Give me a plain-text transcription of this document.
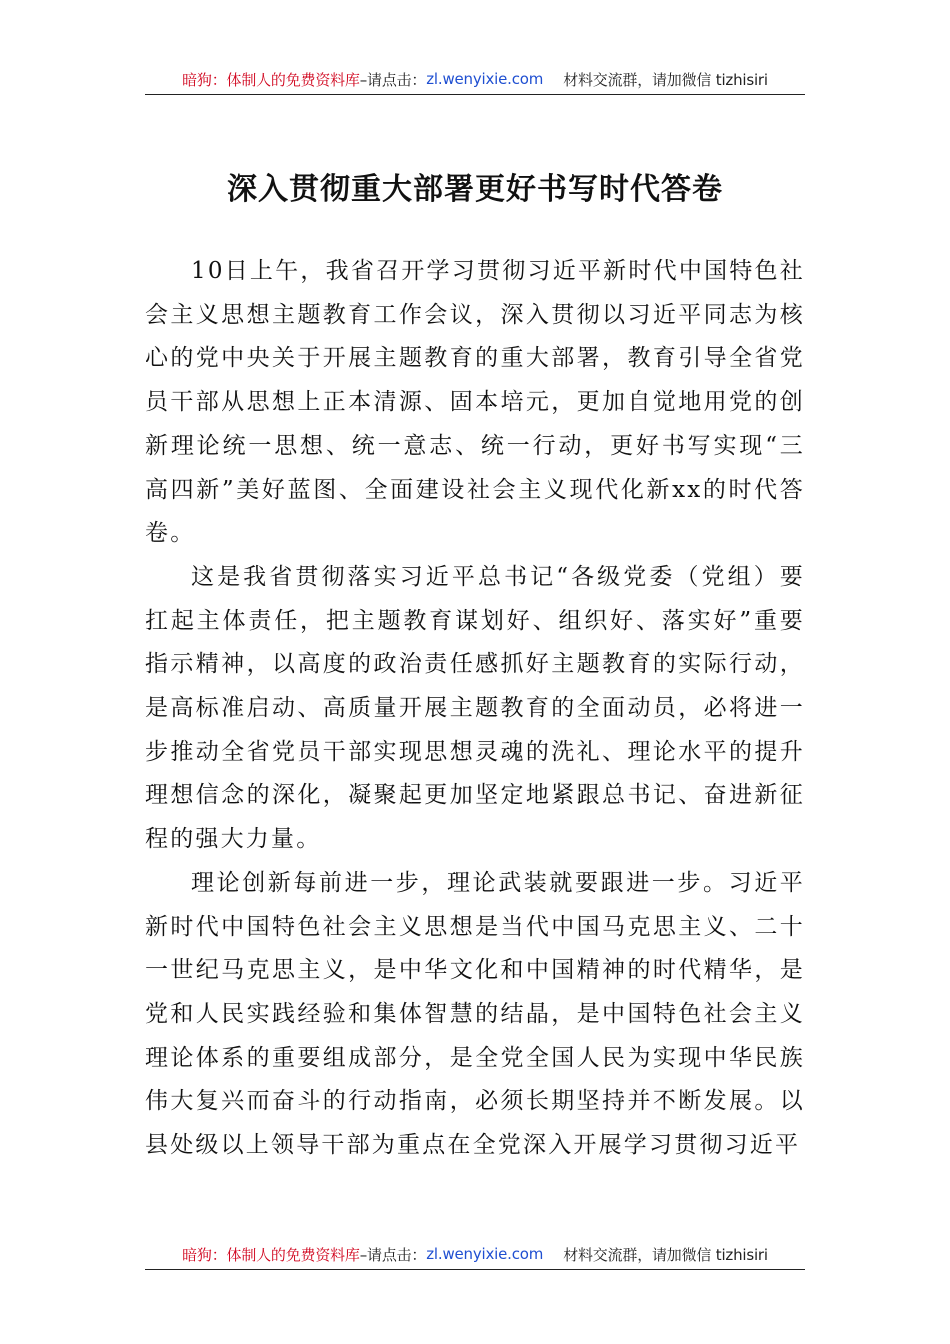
暗狗：体制人的免费资料库 –请点击： zl.wenyixie.com 材料交流群，请加微信 tizhisiri
深入贯彻重大部署更好书写时代答卷

10日上午，我省召开学习贯彻习近平新时代中国特色社会主义思想主题教育工作会议，深入贯彻以习近平同志为核心的党中央关于开展主题教育的重大部署，教育引导全省党员干部从思想上正本清源、固本培元，更加自觉地用党的创新理论统一思想、统一意志、统一行动，更好书写实现“三高四新”美好蓝图、全面建设社会主义现代化新xx的时代答卷。

这是我省贯彻落实习近平总书记“各级党委（党组）要扛起主体责任，把主题教育谋划好、组织好、落实好”重要指示精神，以高度的政治责任感抓好主题教育的实际行动，是高标准启动、高质量开展主题教育的全面动员，必将进一步推动全省党员干部实现思想灵魂的洗礼、理论水平的提升理想信念的深化，凝聚起更加坚定地紧跟总书记、奋进新征程的强大力量。

理论创新每前进一步，理论武装就要跟进一步。习近平新时代中国特色社会主义思想是当代中国马克思主义、二十一世纪马克思主义，是中华文化和中国精神的时代精华，是党和人民实践经验和集体智慧的结晶，是中国特色社会主义理论体系的重要组成部分，是全党全国人民为实现中华民族伟大复兴而奋斗的行动指南，必须长期坚持并不断发展。以县处级以上领导干部为重点在全党深入开展学习贯彻习近平

暗狗：体制人的免费资料库 –请点击： zl.wenyixie.com 材料交流群，请加微信 tizhisiri
